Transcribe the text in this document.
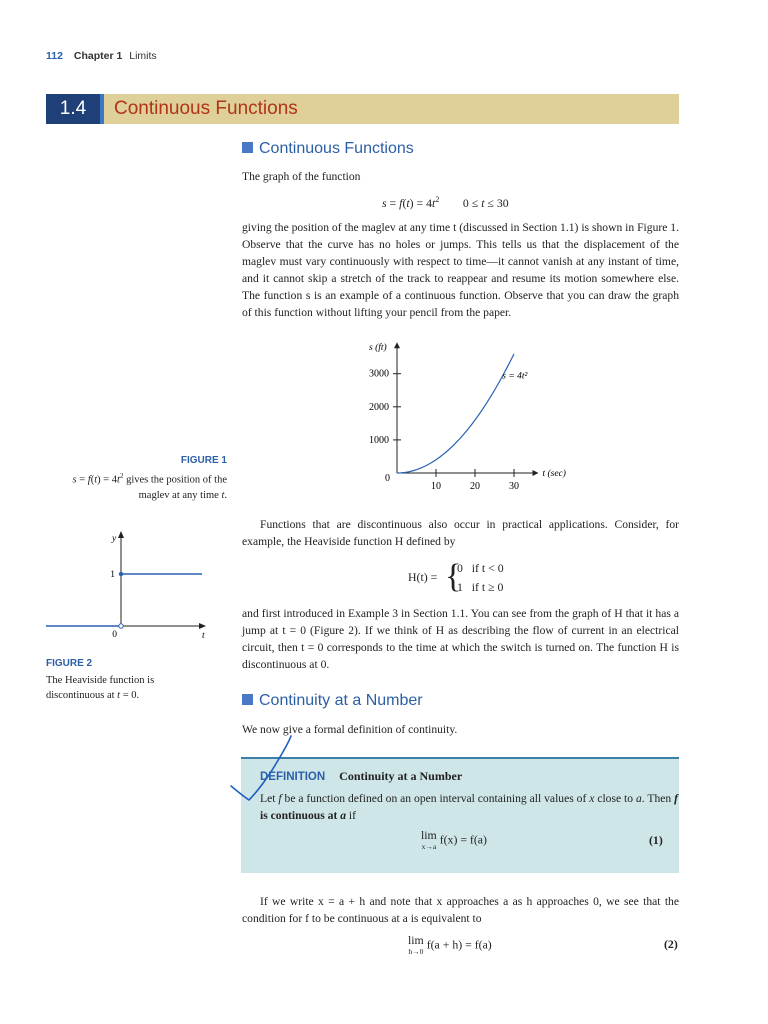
112 Chapter 1 Limits
1.4	Continuous Functions
Continuous Functions
The graph of the function
$s = f(t) = 4t^2$        0 ≤ t ≤ 30

giving the position of the maglev at any time t (discussed in Section 1.1) is shown in Figure 1. Observe that the curve has no holes or jumps. This tells us that the displacement of the maglev must vary continuously with respect to time—it cannot vanish at any instant of time, and it cannot skip a stretch of the track to reappear and resume its motion somewhere else. The function s is an example of a continuous function. Observe that you can draw the graph of this function without lifting your pencil from the paper.

10	20	30
1000
2000
3000
0
s (ft)
t (sec)
s = 4t²
FIGURE 1
$s = f(t) = 4t^2$ gives the position of the maglev at any time t.
0
1
y
t
FIGURE 2
The Heaviside function is discontinuous at t = 0.
Functions that are discontinuous also occur in practical applications. Consider, for example, the Heaviside function H defined by
H(t) = {
0   if t < 0
1   if t ≥ 0
and first introduced in Example 3 in Section 1.1. You can see from the graph of H that it has a jump at t = 0 (Figure 2). If we think of H as describing the flow of current in an electrical circuit, then t = 0 corresponds to the time at which the switch is turned on. The function H is discontinuous at 0.
Continuity at a Number
We now give a formal definition of continuity.
DEFINITION Continuity at a Number
Let f be a function defined on an open interval containing all values of x close to a. Then f is continuous at a if
lim
x→a f(x) = f(a)	(1)
If we write x = a + h and note that x approaches a as h approaches 0, we see that the condition for f to be continuous at a is equivalent to
lim
h→0 f(a + h) = f(a)	(2)
